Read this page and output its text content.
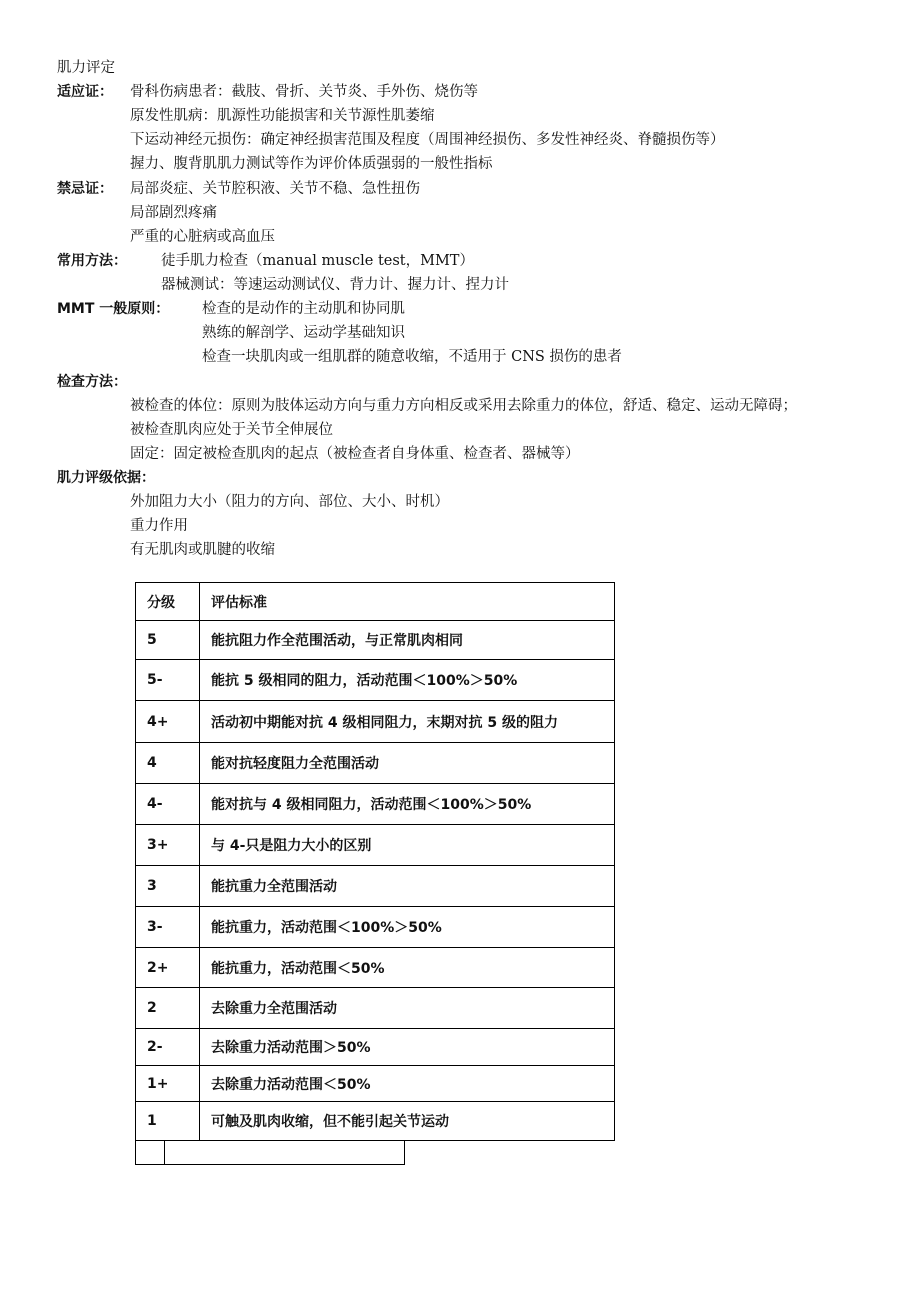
肌力评定
适应证： 骨科伤病患者：截肢、骨折、关节炎、手外伤、烧伤等
原发性肌病：肌源性功能损害和关节源性肌萎缩
下运动神经元损伤：确定神经损害范围及程度（周围神经损伤、多发性神经炎、脊髓损伤等）
握力、腹背肌肌力测试等作为评价体质强弱的一般性指标
禁忌证： 局部炎症、关节腔积液、关节不稳、急性扭伤
局部剧烈疼痛
严重的心脏病或高血压
常用方法： 徒手肌力检查（manual muscle test，MMT）
器械测试：等速运动测试仪、背力计、握力计、捏力计
MMT 一般原则： 检查的是动作的主动肌和协同肌
熟练的解剖学、运动学基础知识
检查一块肌肉或一组肌群的随意收缩，不适用于 CNS 损伤的患者
检查方法：
被检查的体位：原则为肢体运动方向与重力方向相反或采用去除重力的体位，舒适、稳定、运动无障碍；
被检查肌肉应处于关节全伸展位
固定：固定被检查肌肉的起点（被检查者自身体重、检查者、器械等）
肌力评级依据：
外加阻力大小（阻力的方向、部位、大小、时机）
重力作用
有无肌肉或肌腱的收缩
分级	评估标准
5	能抗阻力作全范围活动，与正常肌肉相同
5-	能抗 5 级相同的阻力，活动范围＜100%＞50%
4+	活动初中期能对抗 4 级相同阻力，末期对抗 5 级的阻力
4	能对抗轻度阻力全范围活动
4-	能对抗与 4 级相同阻力，活动范围＜100%＞50%
3+	与 4-只是阻力大小的区别
3	能抗重力全范围活动
3-	能抗重力，活动范围＜100%＞50%
2+	能抗重力，活动范围＜50%
2	去除重力全范围活动
2-	去除重力活动范围＞50%
1+	去除重力活动范围＜50%
1	可触及肌肉收缩，但不能引起关节运动
